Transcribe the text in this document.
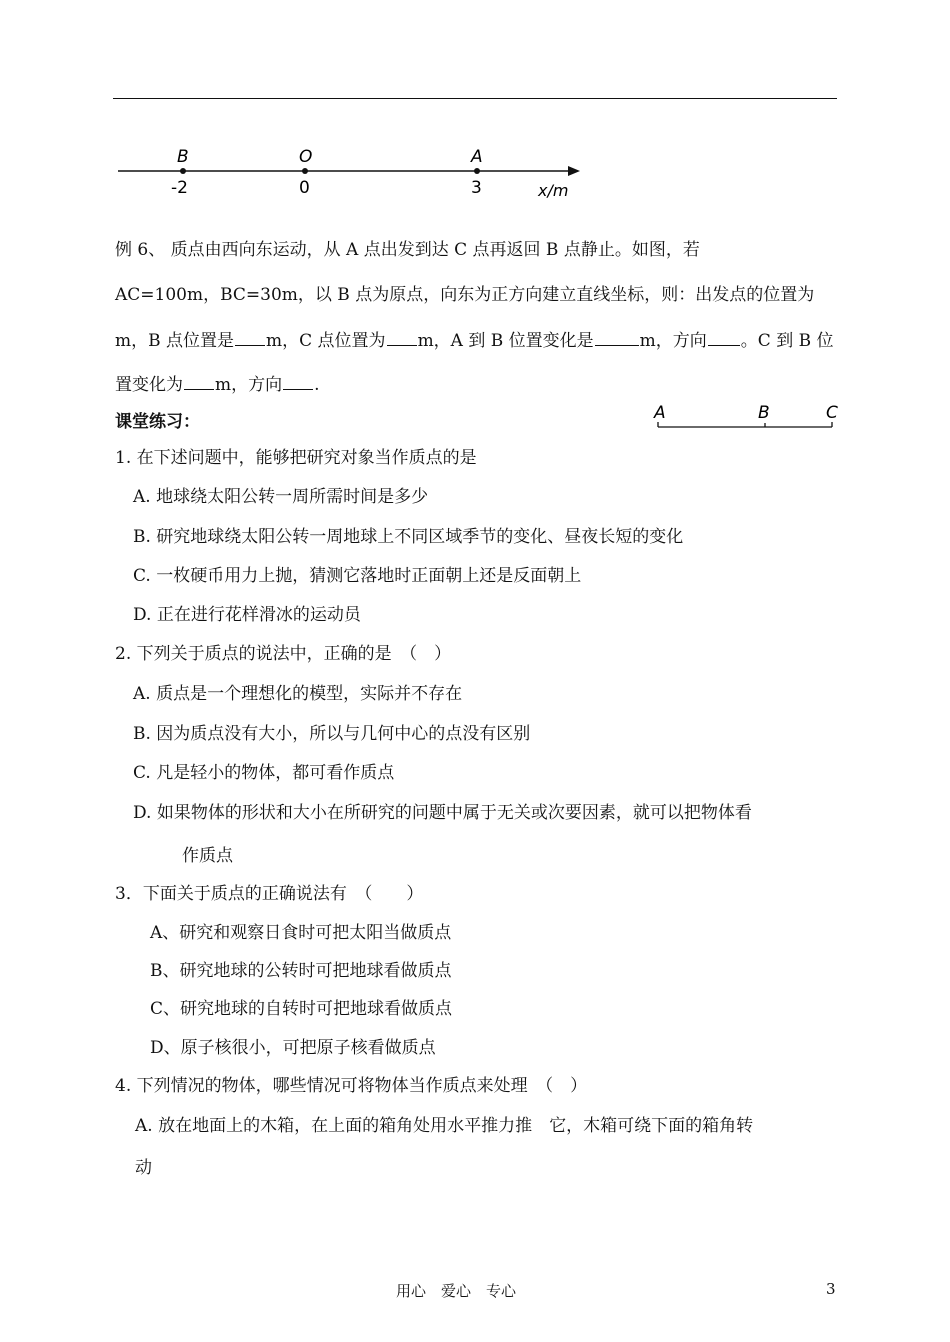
B	O	A
-2	0	3	x/m
例 6、 质点由西向东运动，从 A 点出发到达 C 点再返回 B 点静止。如图，若
AC=100m，BC=30m，以 B 点为原点，向东为正方向建立直线坐标，则：出发点的位置为
m，B 点位置是 m，C 点位置为 m，A 到 B 位置变化是	m，方向 。C 到 B 位
置变化为 m，方向 .
A	B	C
课堂练习：
1. 在下述问题中，能够把研究对象当作质点的是
A. 地球绕太阳公转一周所需时间是多少
B. 研究地球绕太阳公转一周地球上不同区域季节的变化、昼夜长短的变化
C. 一枚硬币用力上抛，猜测它落地时正面朝上还是反面朝上
D. 正在进行花样滑冰的运动员
2. 下列关于质点的说法中，正确的是　（　）
A. 质点是一个理想化的模型，实际并不存在
B. 因为质点没有大小，所以与几何中心的点没有区别
C. 凡是轻小的物体，都可看作质点
D. 如果物体的形状和大小在所研究的问题中属于无关或次要因素，就可以把物体看
作质点
3．下面关于质点的正确说法有　（　　）
A、研究和观察日食时可把太阳当做质点
B、研究地球的公转时可把地球看做质点
C、研究地球的自转时可把地球看做质点
D、原子核很小，可把原子核看做质点
4. 下列情况的物体，哪些情况可将物体当作质点来处理　（　）
A. 放在地面上的木箱，在上面的箱角处用水平推力推　它，木箱可绕下面的箱角转
动
用心　爱心　专心	3
